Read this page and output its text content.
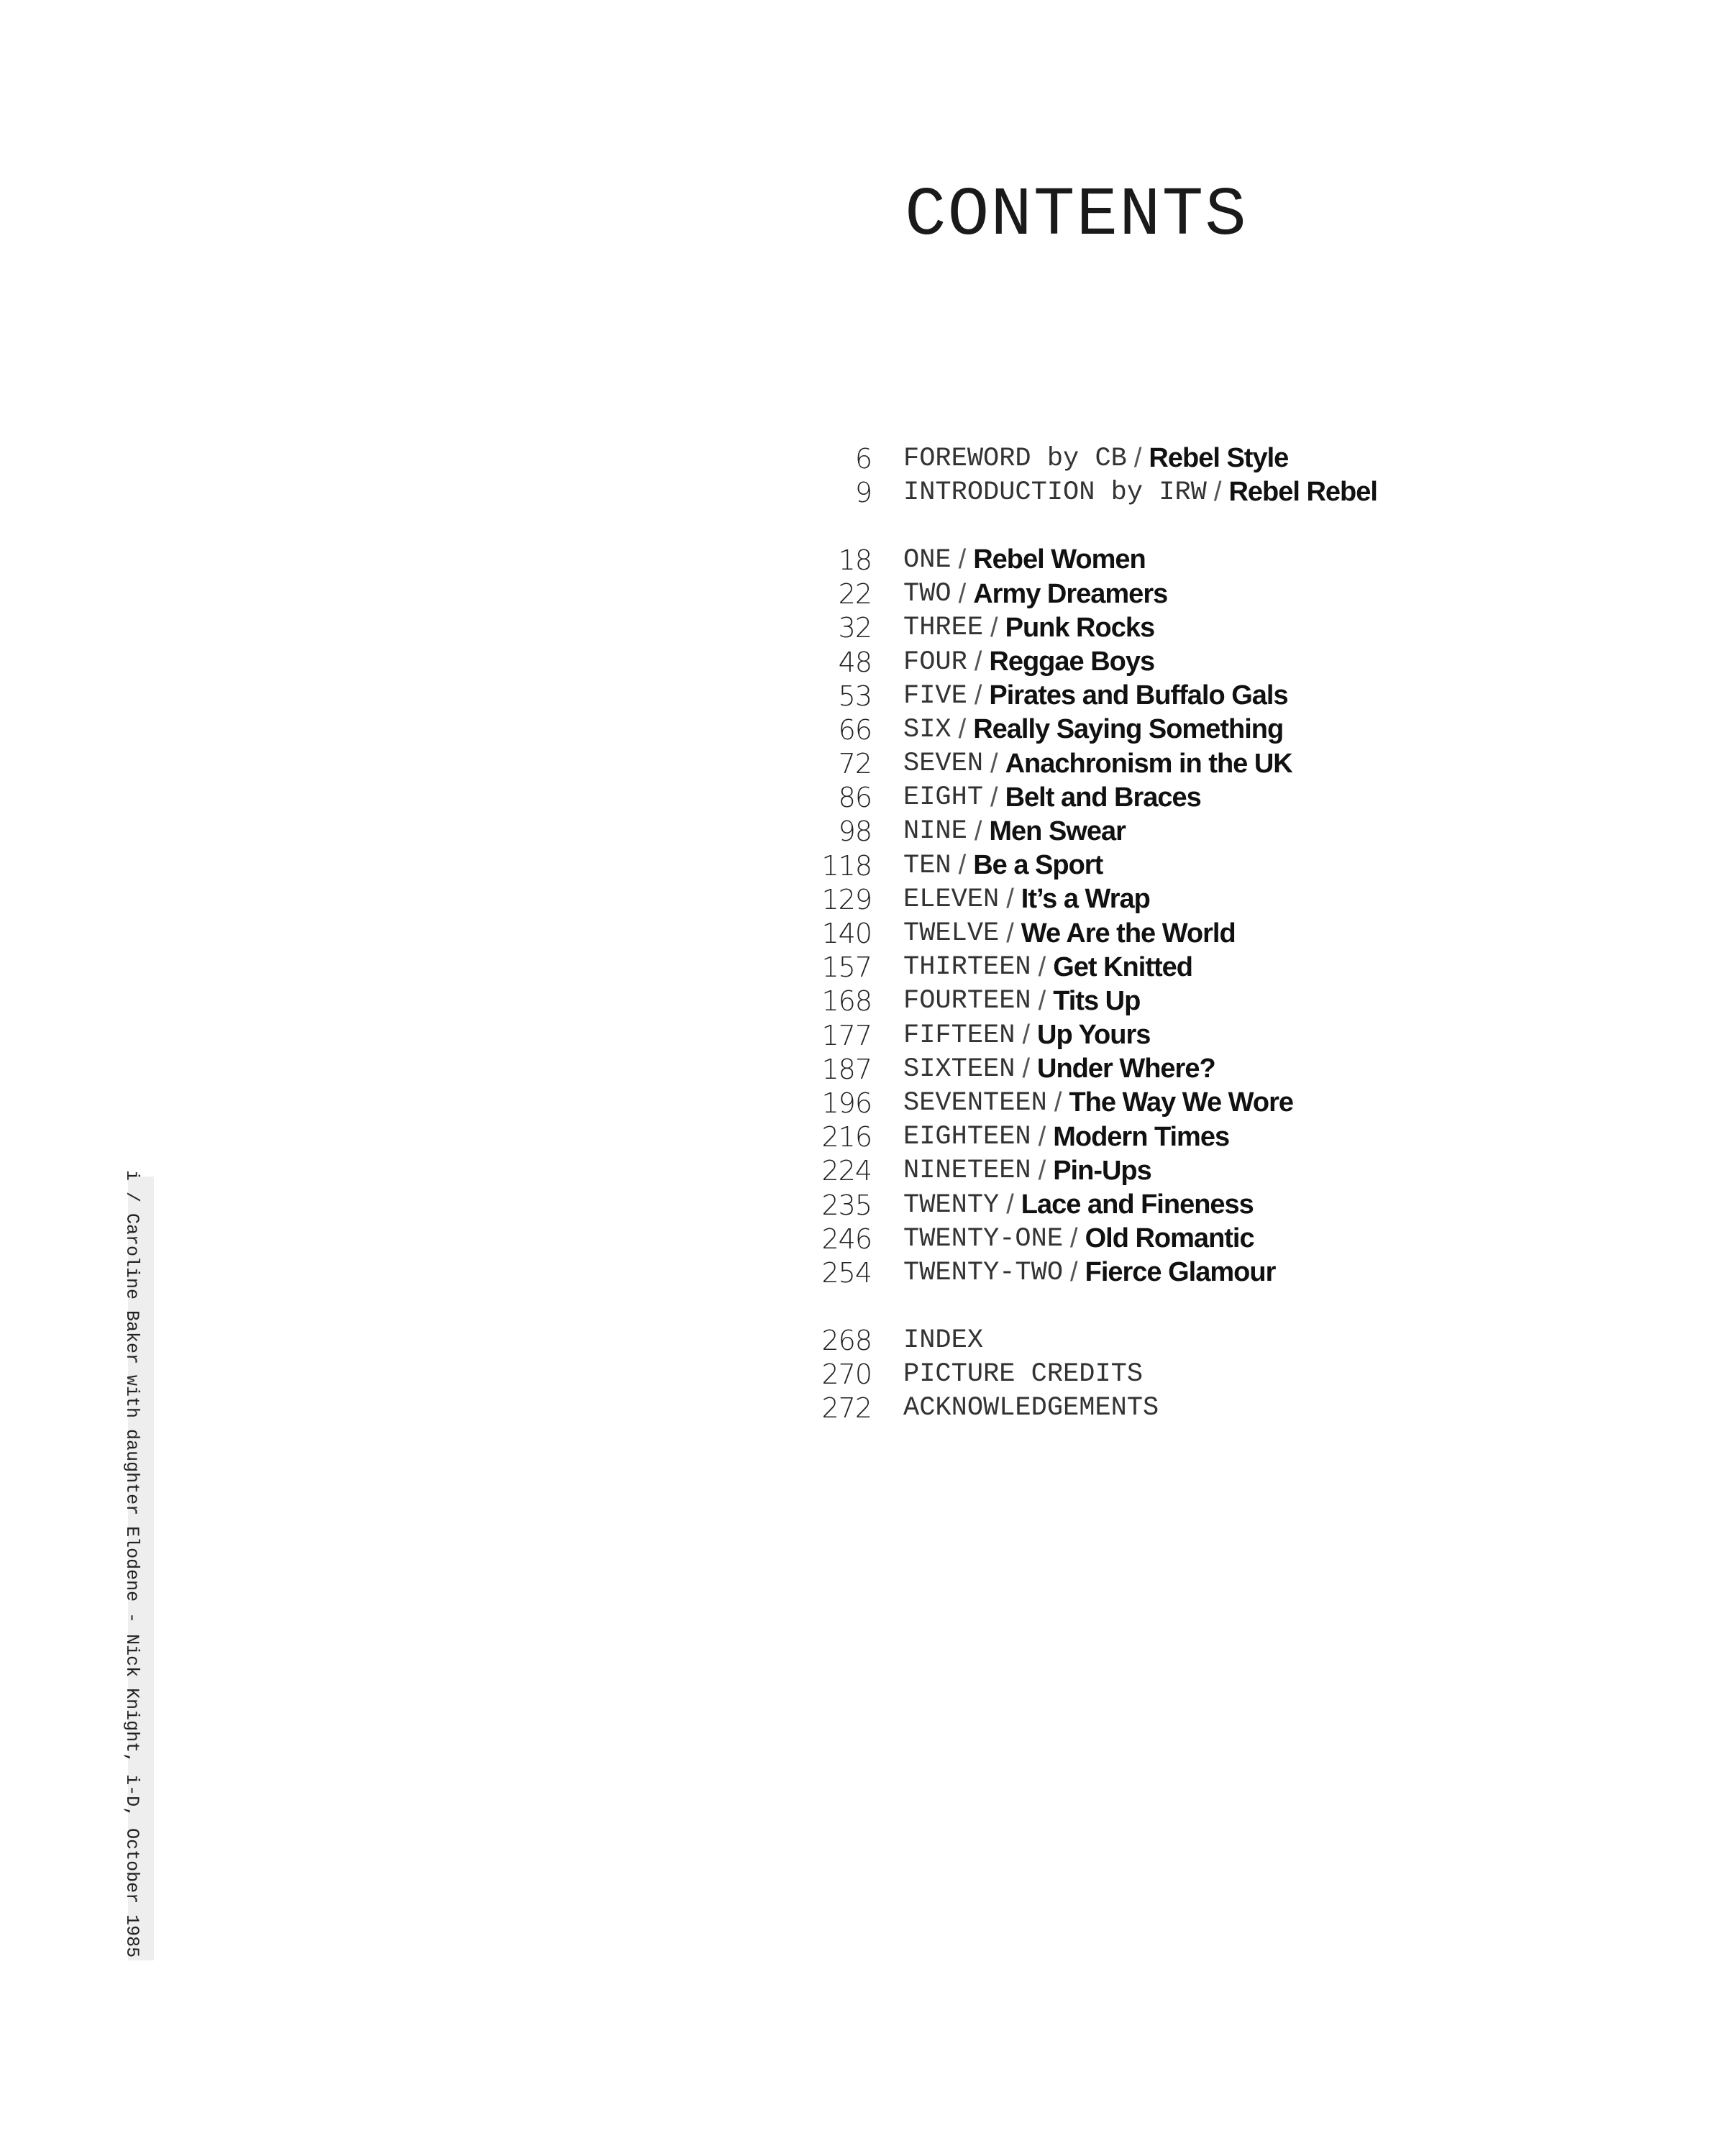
CONTENTS
6 FOREWORD by CB / Rebel Style
9 INTRODUCTION by IRW / Rebel Rebel
18 ONE / Rebel Women
22 TWO / Army Dreamers
32 THREE / Punk Rocks
48 FOUR / Reggae Boys
53 FIVE / Pirates and Buffalo Gals
66 SIX / Really Saying Something
72 SEVEN / Anachronism in the UK
86 EIGHT / Belt and Braces
98 NINE / Men Swear
118 TEN / Be a Sport
129 ELEVEN / It’s a Wrap
140 TWELVE / We Are the World
157 THIRTEEN / Get Knitted
168 FOURTEEN / Tits Up
177 FIFTEEN / Up Yours
187 SIXTEEN / Under Where?
196 SEVENTEEN / The Way We Wore
216 EIGHTEEN / Modern Times
224 NINETEEN / Pin-Ups
235 TWENTY / Lace and Fineness
246 TWENTY-ONE / Old Romantic
254 TWENTY-TWO / Fierce Glamour
268 INDEX
270 PICTURE CREDITS
272 ACKNOWLEDGEMENTS
i / Caroline Baker with daughter Elodene - Nick Knight, i-D, October 1985
